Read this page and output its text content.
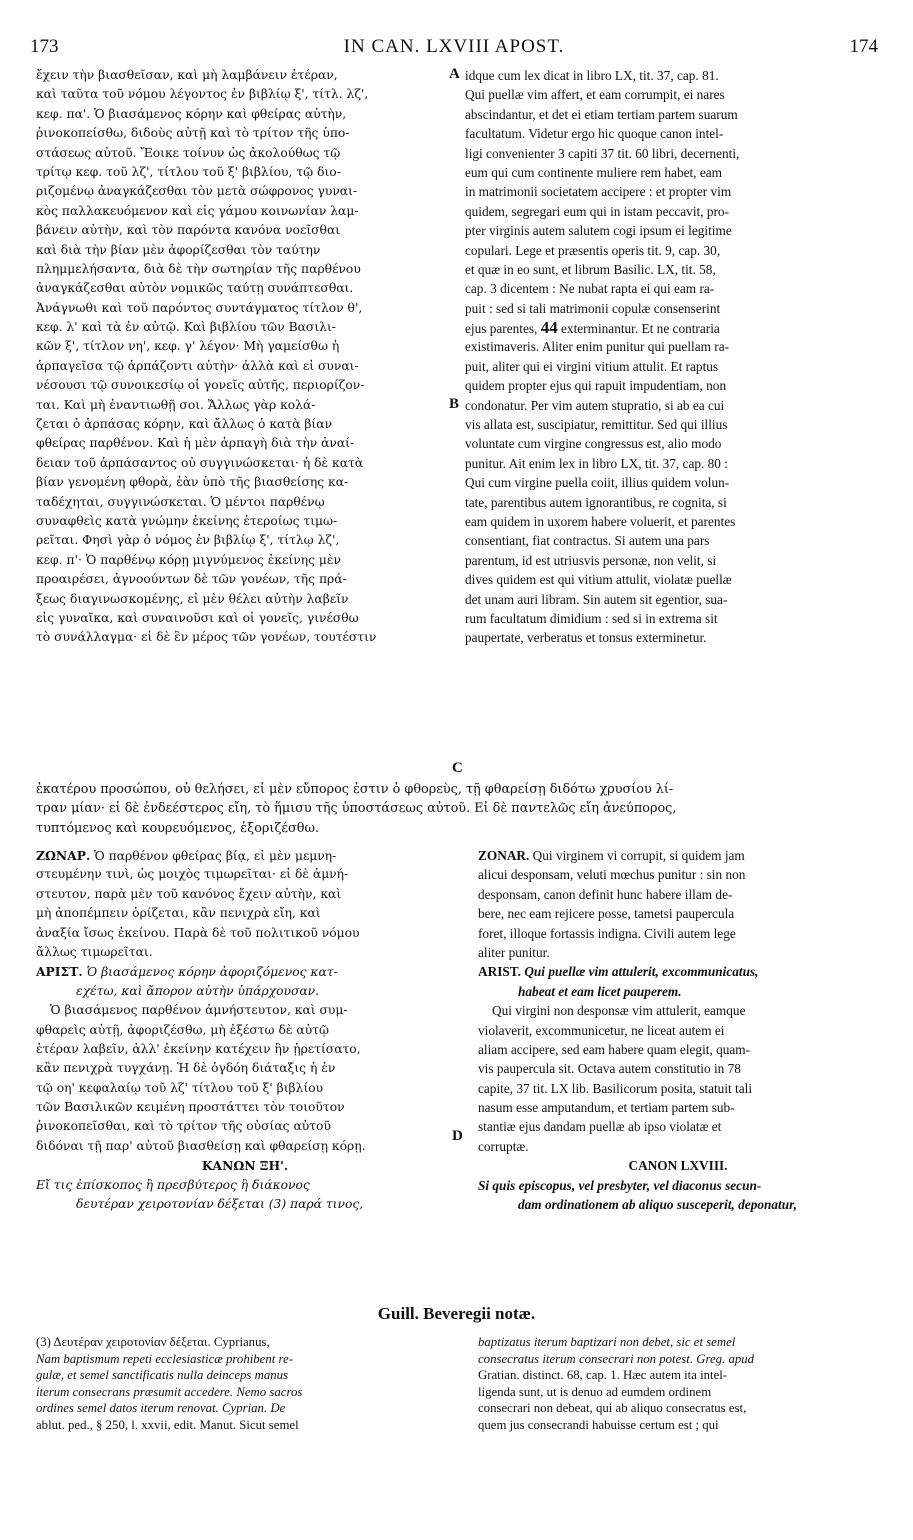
173	IN CAN. LXVIII APOST.	174
A
B
C
D
ἔχειν τὴν βιασθεῖσαν, καὶ μὴ λαμβάνειν ἑτέραν,
καὶ ταῦτα τοῦ νόμου λέγοντος ἐν βιβλίῳ ξ', τίτλ. λζ',
κεφ. πα'. Ὁ βιασάμενος κόρην καὶ φθείρας αὐτὴν,
ῥινοκοπείσθω, διδοὺς αὐτῇ καὶ τὸ τρίτον τῆς ὑπο-
στάσεως αὐτοῦ. Ἔοικε τοίνυν ὡς ἀκολούθως τῷ
τρίτῳ κεφ. τοῦ λζ', τίτλου τοῦ ξ' βιβλίου, τῷ διο-
ριζομένῳ ἀναγκάζεσθαι τὸν μετὰ σώφρονος γυναι-
κὸς παλλακευόμενον καὶ εἰς γάμου κοινωνίαν λαμ-
βάνειν αὐτὴν, καὶ τὸν παρόντα κανόνα νοεῖσθαι
καὶ διὰ τὴν βίαν μὲν ἀφορίζεσθαι τὸν ταύτην
πλημμελήσαντα, διὰ δὲ τὴν σωτηρίαν τῆς παρθένου
ἀναγκάζεσθαι αὐτὸν νομικῶς ταύτῃ συνάπτεσθαι.
Ἀνάγνωθι καὶ τοῦ παρόντος συντάγματος τίτλον θ',
κεφ. λ' καὶ τὰ ἐν αὐτῷ. Καὶ βιβλίου τῶν Βασιλι-
κῶν ξ', τίτλον νη', κεφ. γ' λέγον· Μὴ γαμείσθω ἡ
ἁρπαγεῖσα τῷ ἁρπάζοντι αὐτὴν· ἀλλὰ καὶ εἰ συναι-
νέσουσι τῷ συνοικεσίῳ οἱ γονεῖς αὐτῆς, περιορίζον-
ται. Καὶ μὴ ἐναντιωθῇ σοι. Ἄλλως γὰρ κολά-
ζεται ὁ ἁρπάσας κόρην, καὶ ἄλλως ὁ κατὰ βίαν
φθείρας παρθένον. Καὶ ἡ μὲν ἁρπαγὴ διὰ τὴν ἀναί-
δειαν τοῦ ἁρπάσαντος οὐ συγγινώσκεται· ἡ δὲ κατὰ
βίαν γενομένη φθορὰ, ἐὰν ὑπὸ τῆς βιασθείσης κα-
ταδέχηται, συγγινώσκεται. Ὁ μέντοι παρθένῳ
συναφθεὶς κατὰ γνώμην ἐκείνης ἑτεροίως τιμω-
ρεῖται. Φησὶ γὰρ ὁ νόμος ἐν βιβλίῳ ξ', τίτλῳ λζ',
κεφ. π'· Ὁ παρθένῳ κόρῃ μιγνύμενος ἐκείνης μὲν
προαιρέσει, ἀγνοούντων δὲ τῶν γονέων, τῆς πρά-
ξεως διαγινωσκομένης, εἰ μὲν θέλει αὐτὴν λαβεῖν
εἰς γυναῖκα, καὶ συναινοῦσι καὶ οἱ γονεῖς, γινέσθω
τὸ συνάλλαγμα· εἰ δὲ ἓν μέρος τῶν γονέων, τουτέστιν
idque cum lex dicat in libro LX, tit. 37, cap. 81.
Qui puellæ vim affert, et eam corrumpit, ei nares
abscindantur, et det ei etiam tertiam partem suarum
facultatum. Videtur ergo hic quoque canon intel-
ligi convenienter 3 capiti 37 tit. 60 libri, decernenti,
eum qui cum continente muliere rem habet, eam
in matrimonii societatem accipere : et propter vim
quidem, segregari eum qui in istam peccavit, pro-
pter virginis autem salutem cogi ipsum ei legitime
copulari. Lege et præsentis operis tit. 9, cap. 30,
et quæ in eo sunt, et librum Basilic. LX, tit. 58,
cap. 3 dicentem : Ne nubat rapta ei qui eam ra-
puit : sed si tali matrimonii copulæ consenserint
ejus parentes, 44 exterminantur. Et ne contraria
existimaveris. Aliter enim punitur qui puellam ra-
puit, aliter qui ei virgini vitium attulit. Et raptus
quidem propter ejus qui rapuit impudentiam, non
condonatur. Per vim autem stupratio, si ab ea cui
vis allata est, suscipiatur, remittitur. Sed qui illius
voluntate cum virgine congressus est, alio modo
punitur. Ait enim lex in libro LX, tit. 37, cap. 80 :
Qui cum virgine puella coiit, illius quidem volun-
tate, parentibus autem ignorantibus, re cognita, si
eam quidem in uxorem habere voluerit, et parentes
consentiant, fiat contractus. Si autem una pars
parentum, id est utriusvis personæ, non velit, si
dives quidem est qui vitium attulit, violatæ puellæ
det unam auri libram. Sin autem sit egentior, sua-
rum facultatum dimidium : sed si in extrema sit
paupertate, verberatus et tonsus exterminetur.
ἑκατέρου προσώπου, οὐ θελήσει, εἰ μὲν εὔπορος ἐστιν ὁ φθορεὺς, τῇ φθαρείσῃ διδότω χρυσίου λί-
τραν μίαν· εἰ δὲ ἐνδεέστερος εἴη, τὸ ἥμισυ τῆς ὑποστάσεως αὐτοῦ. Εἰ δὲ παντελῶς εἴη ἀνεύπορος,
τυπτόμενος καὶ κουρευόμενος, ἐξοριζέσθω.
ΖΩΝΑΡ. Ὁ παρθένον φθείρας βίᾳ, εἰ μὲν μεμνη-
στευμένην τινὶ, ὡς μοιχὸς τιμωρεῖται· εἰ δὲ ἀμνή-
στευτον, παρὰ μὲν τοῦ κανόνος ἔχειν αὐτὴν, καὶ
μὴ ἀποπέμπειν ὁρίζεται, κἂν πενιχρὰ εἴη, καὶ
ἀναξία ἴσως ἐκείνου. Παρὰ δὲ τοῦ πολιτικοῦ νόμου
ἄλλως τιμωρεῖται.
ΑΡΙΣΤ. Ὁ βιασάμενος κόρην ἀφοριζόμενος κατ-
εχέτω, καὶ ἄπορον αὐτὴν ὑπάρχουσαν.
Ὁ βιασάμενος παρθένον ἀμνήστευτον, καὶ συμ-
φθαρεὶς αὐτῇ, ἀφοριζέσθω, μὴ ἐξέστω δὲ αὐτῷ
ἑτέραν λαβεῖν, ἀλλ' ἐκείνην κατέχειν ἣν ᾑρετίσατο,
κἂν πενιχρὰ τυγχάνῃ. Ἡ δὲ ὀγδόη διάταξις ἡ ἐν
τῷ οη' κεφαλαίῳ τοῦ λζ' τίτλου τοῦ ξ' βιβλίου
τῶν Βασιλικῶν κειμένη προστάττει τὸν τοιοῦτον
ῥινοκοπεῖσθαι, καὶ τὸ τρίτον τῆς οὐσίας αὐτοῦ
διδόναι τῇ παρ' αὐτοῦ βιασθείσῃ καὶ φθαρείσῃ κόρῃ.
ΚΑΝΩΝ ΞΗ'.
Εἴ τις ἐπίσκοπος ἢ πρεσβύτερος ἢ διάκονος
δευτέραν χειροτονίαν δέξεται (3) παρά τινος,
ZONAR. Qui virginem vi corrupit, si quidem jam
alicui desponsam, veluti mœchus punitur : sin non
desponsam, canon definit hunc habere illam de-
bere, nec eam rejicere posse, tametsi paupercula
foret, illoque fortassis indigna. Civili autem lege
aliter punitur.
ARIST. Qui puellæ vim attulerit, excommunicatus,
habeat et eam licet pauperem.
Qui virgini non desponsæ vim attulerit, eamque
violaverit, excommunicetur, ne liceat autem ei
aliam accipere, sed eam habere quam elegit, quam-
vis paupercula sit. Octava autem constitutio in 78
capite, 37 tit. LX lib. Basilicorum posita, statuit tali
nasum esse amputandum, et tertiam partem sub-
stantiæ ejus dandam puellæ ab ipso violatæ et
corruptæ.
CANON LXVIII.
Si quis episcopus, vel presbyter, vel diaconus secun-
dam ordinationem ab aliquo susceperit, deponatur,
Guill. Beveregii notæ.
(3) Δευτέραν χειροτονίαν δέξεται. Cyprianus,
Nam baptismum repeti ecclesiasticæ prohibent re-
gulæ, et semel sanctificatis nulla deinceps manus
iterum consecrans præsumit accedere. Nemo sacros
ordines semel datos iterum renovat. Cyprian. De
ablut. ped., § 250, l. xxvii, edit. Manut. Sicut semel
baptizatus iterum baptizari non debet, sic et semel
consecratus iterum consecrari non potest. Greg. apud
Gratian. distinct. 68, cap. 1. Hæc autem ita intel-
ligenda sunt, ut is denuo ad eumdem ordinem
consecrari non debeat, qui ab aliquo consecratus est,
quem jus consecrandi habuisse certum est ; qui
